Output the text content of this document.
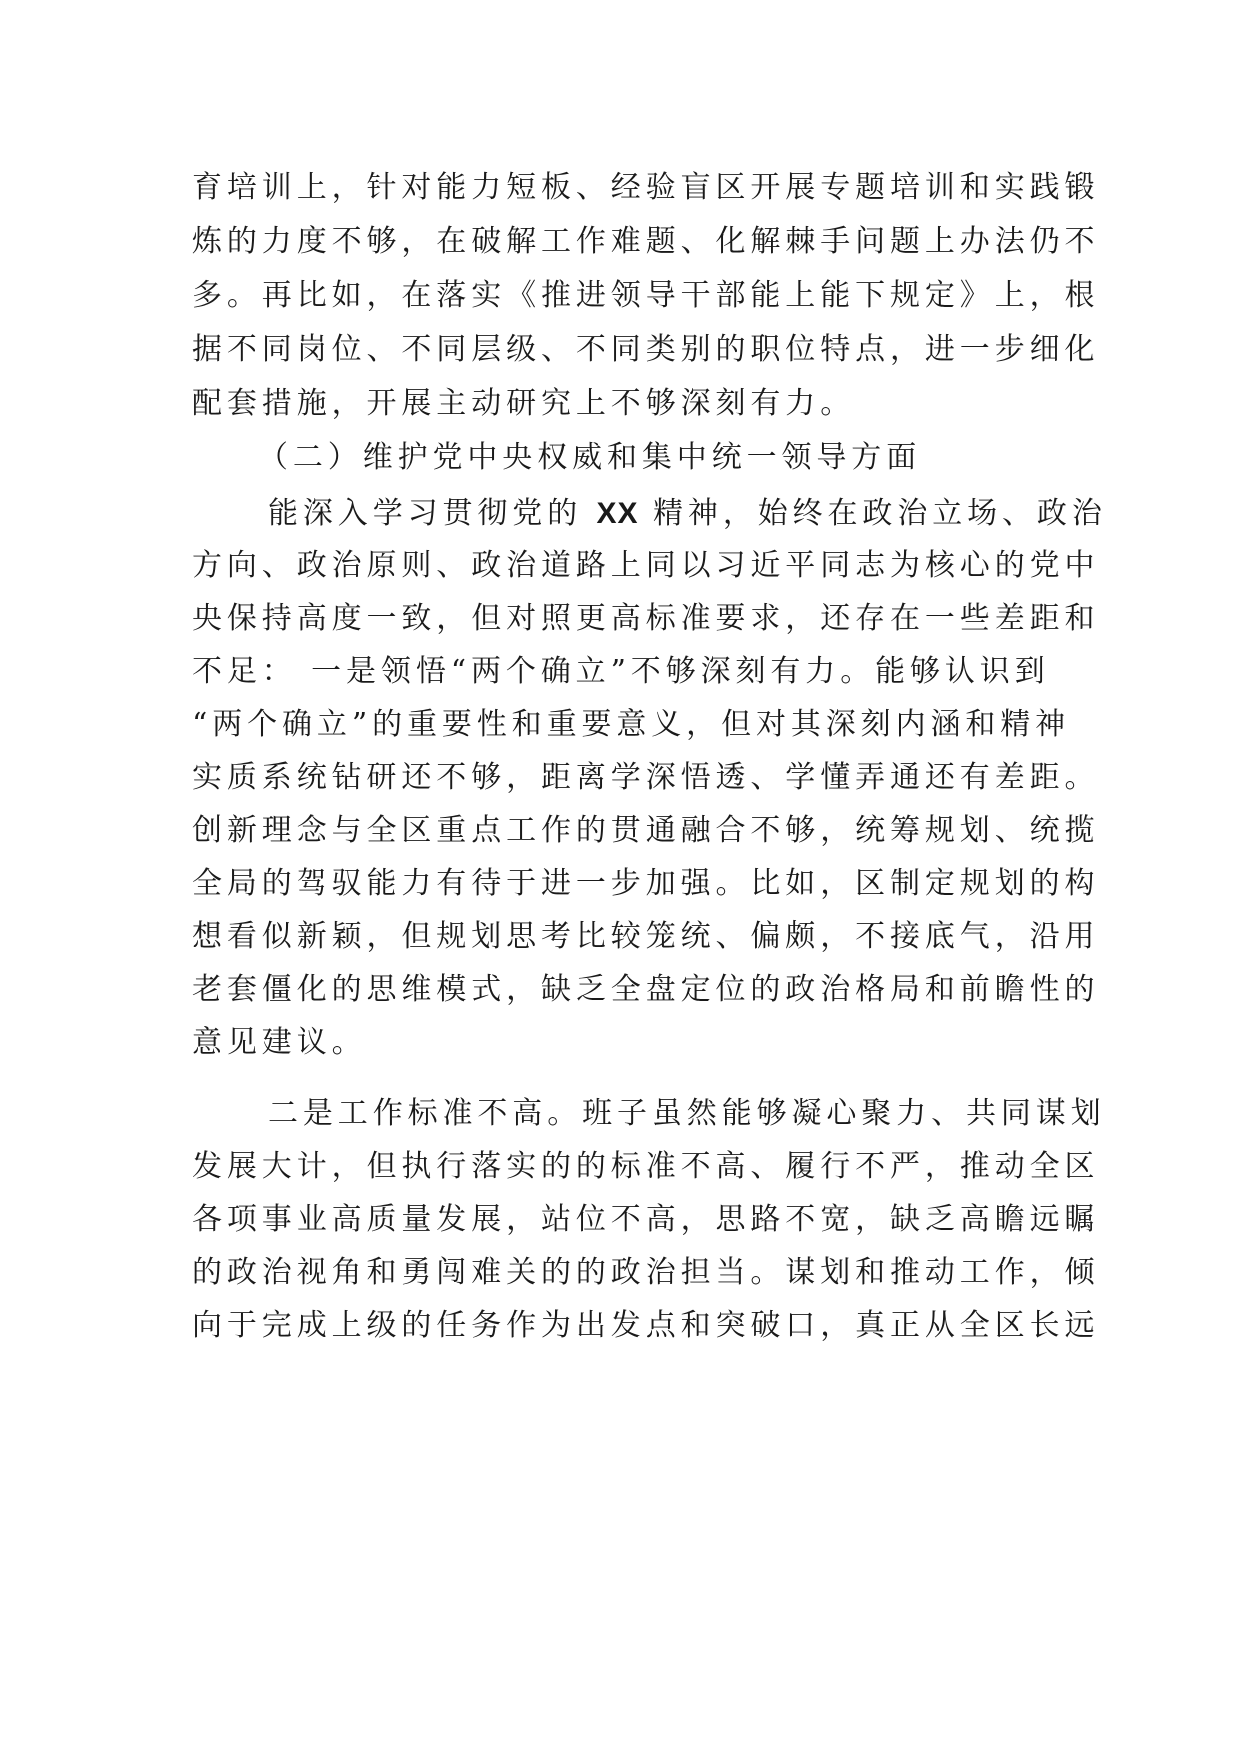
育培训上，针对能力短板、经验盲区开展专题培训和实践锻
炼的力度不够，在破解工作难题、化解棘手问题上办法仍不
多。再比如，在落实《推进领导干部能上能下规定》上，根
据不同岗位、不同层级、不同类别的职位特点，进一步细化
配套措施，开展主动研究上不够深刻有力。
（二）维护党中央权威和集中统一领导方面
能深入学习贯彻党的 XX 精神，始终在政治立场、政治
方向、政治原则、政治道路上同以习近平同志为核心的党中
央保持高度一致，但对照更高标准要求，还存在一些差距和
不足： 一是领悟“两个确立”不够深刻有力。能够认识到
“两个确立”的重要性和重要意义，但对其深刻内涵和精神
实质系统钻研还不够，距离学深悟透、学懂弄通还有差距。
创新理念与全区重点工作的贯通融合不够，统筹规划、统揽
全局的驾驭能力有待于进一步加强。比如，区制定规划的构
想看似新颖，但规划思考比较笼统、偏颇，不接底气，沿用
老套僵化的思维模式，缺乏全盘定位的政治格局和前瞻性的
意见建议。
二是工作标准不高。班子虽然能够凝心聚力、共同谋划
发展大计，但执行落实的的标准不高、履行不严，推动全区
各项事业高质量发展，站位不高，思路不宽，缺乏高瞻远瞩
的政治视角和勇闯难关的的政治担当。谋划和推动工作，倾
向于完成上级的任务作为出发点和突破口，真正从全区长远
